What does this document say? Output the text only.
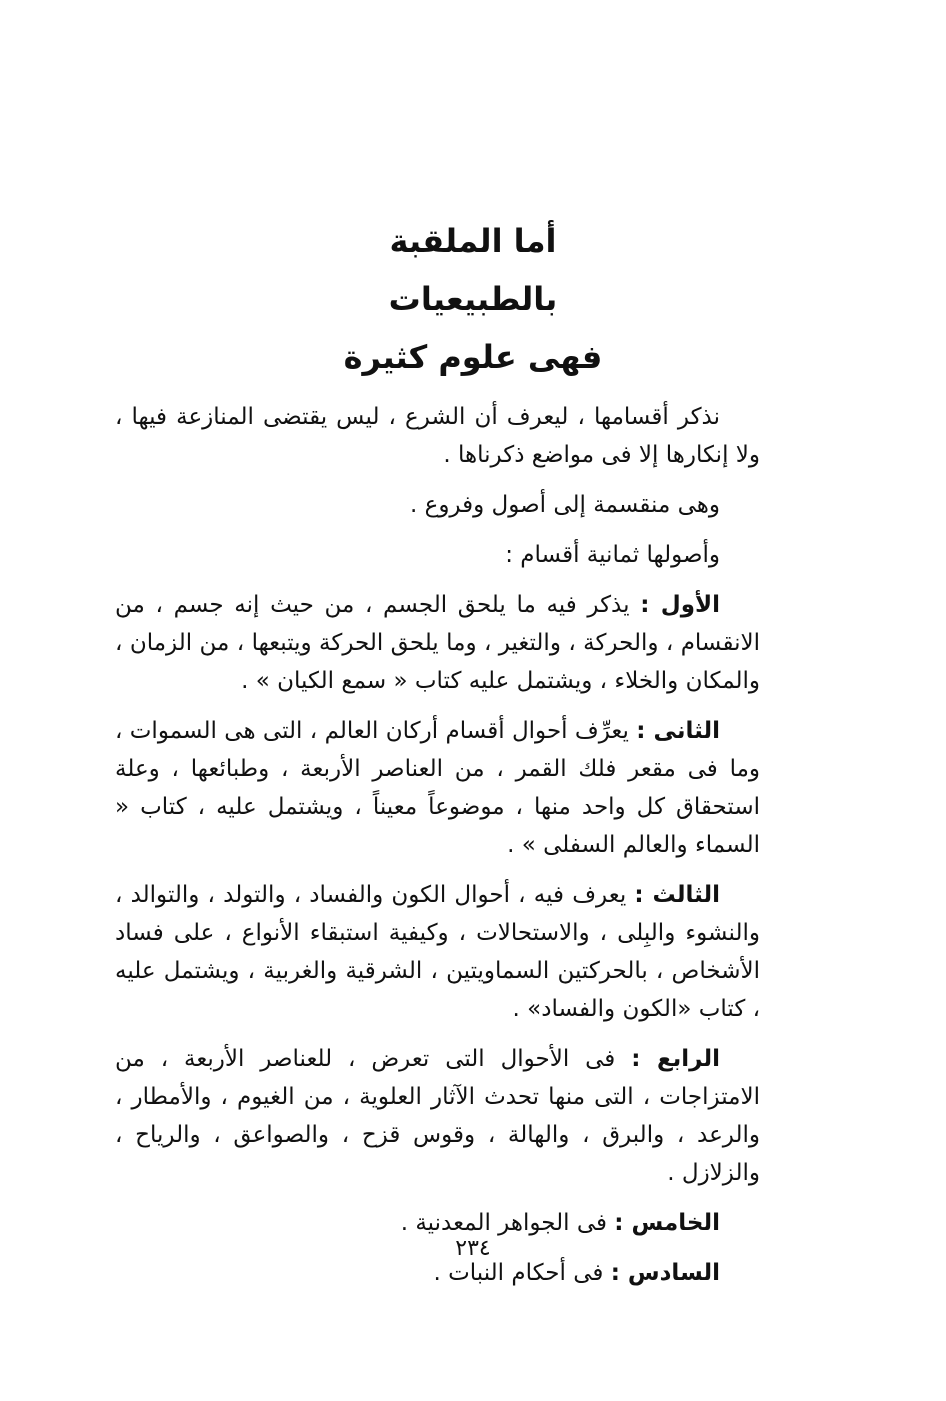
أما الملقبة

بالطبيعيات

فهى علوم كثيرة

نذكر أقسامها ، ليعرف أن الشرع ، ليس يقتضى المنازعة فيها ، ولا إنكارها إلا فى مواضع ذكرناها .

وهى منقسمة إلى أصول وفروع .

وأصولها ثمانية أقسام :

الأول : يذكر فيه ما يلحق الجسم ، من حيث إنه جسم ، من الانقسام ، والحركة ، والتغير ، وما يلحق الحركة ويتبعها ، من الزمان ، والمكان والخلاء ، ويشتمل عليه كتاب « سمع الكيان » .

الثانى : يعرِّف أحوال أقسام أركان العالم ، التى هى السموات ، وما فى مقعر فلك القمر ، من العناصر الأربعة ، وطبائعها ، وعلة استحقاق كل واحد منها ، موضوعاً معيناً ، ويشتمل عليه ، كتاب « السماء والعالم السفلى » .

الثالث : يعرف فيه ، أحوال الكون والفساد ، والتولد ، والتوالد ، والنشوء والبِلى ، والاستحالات ، وكيفية استبقاء الأنواع ، على فساد الأشخاص ، بالحركتين السماويتين ، الشرقية والغربية ، ويشتمل عليه ، كتاب «الكون والفساد» .

الرابع : فى الأحوال التى تعرض ، للعناصر الأربعة ، من الامتزاجات ، التى منها تحدث الآثار العلوية ، من الغيوم ، والأمطار ، والرعد ، والبرق ، والهالة ، وقوس قزح ، والصواعق ، والرياح ، والزلازل .

الخامس : فى الجواهر المعدنية .

السادس : فى أحكام النبات .

٢٣٤
